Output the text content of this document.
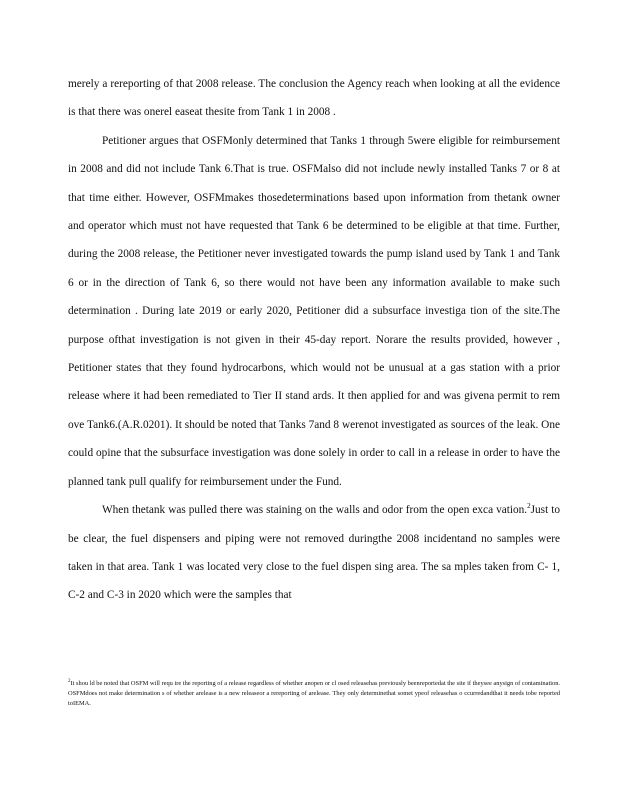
merely a rereporting of that 2008 release. The conclusion the Agency reach when looking at all the evidence is that there was onerel easeat thesite from Tank 1 in 2008 .

Petitioner argues that OSFMonly determined that Tanks 1 through 5were eligible for reimbursement in 2008 and did not include Tank 6.That is true. OSFMalso did not include newly installed Tanks 7 or 8 at that time either. However, OSFMmakes thosedeterminations based upon information from thetank owner and operator which must not have requested that Tank 6 be determined to be eligible at that time. Further, during the 2008 release, the Petitioner never investigated towards the pump island used by Tank 1 and Tank 6 or in the direction of Tank 6, so there would not have been any information available to make such determination . During late 2019 or early 2020, Petitioner did a subsurface investiga tion of the site.The purpose ofthat investigation is not given in their 45-day report. Norare the results provided, however , Petitioner states that they found hydrocarbons, which would not be unusual at a gas station with a prior release where it had been remediated to Tier II stand ards. It then applied for and was givena permit to rem ove Tank6.(A.R.0201). It should be noted that Tanks 7and 8 werenot investigated as sources of the leak. One could opine that the subsurface investigation was done solely in order to call in a release in order to have the planned tank pull qualify for reimbursement under the Fund.

When thetank was pulled there was staining on the walls and odor from the open exca vation.$^2$Just to be clear, the fuel dispensers and piping were not removed duringthe 2008 incidentand no samples were taken in that area. Tank 1 was located very close to the fuel dispen sing area. The sa mples taken from C- 1, C-2 and C-3 in 2020 which were the samples that

$^2$It shou ld be noted that OSFM will requ ire the reporting of a release regardless of whether anopen or cl osed releasehas previously beenreportedat the site if theysee anysign of contamination. OSFMdoes not make determination s of whether arelease is a new releaseor a rereporting of arelease. They only determinethat somet ypeof releasehas o ccurredandthat it needs tobe reported toIEMA.
